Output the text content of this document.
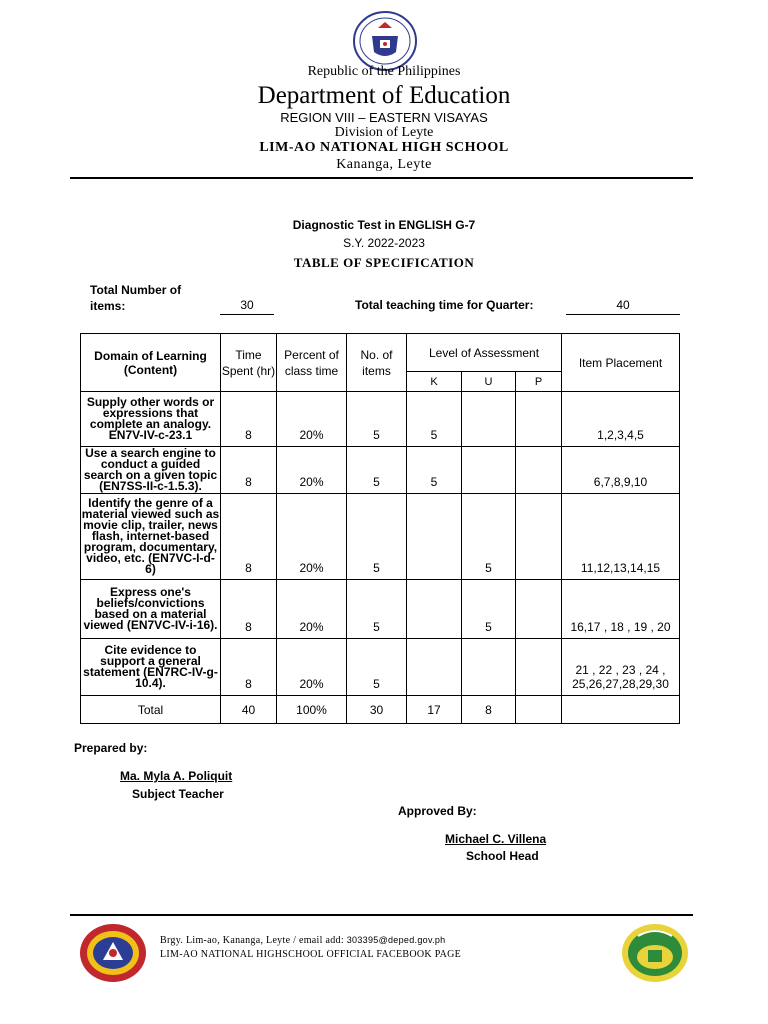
Republic of the Philippines
Department of Education
REGION VIII – EASTERN VISAYAS
Division of Leyte
LIM-AO NATIONAL HIGH SCHOOL
Kananga, Leyte
Diagnostic Test in ENGLISH G-7
S.Y. 2022-2023
TABLE OF SPECIFICATION
Total Number of
items:	30	Total teaching time for Quarter:	40
Domain of Learning (Content)	Time Spent (hr)	Percent of class time	No. of items	Level of Assessment			Item Placement
				K	U	P	
Supply other words or expressions that complete an analogy. EN7V-IV-c-23.1	8	20%	5	5			1,2,3,4,5
Use a search engine to conduct a guided search on a given topic (EN7SS-II-c-1.5.3).	8	20%	5	5			6,7,8,9,10
Identify the genre of a material viewed such as movie clip, trailer, news flash, internet-based program, documentary, video, etc. (EN7VC-I-d-6)	8	20%	5		5		11,12,13,14,15
Express one's beliefs/convictions based on a material viewed (EN7VC-IV-i-16).	8	20%	5		5		16,17 , 18 , 19 , 20
Cite evidence to support a general statement (EN7RC-IV-g-10.4).	8	20%	5				21 , 22 , 23 , 24 , 25,26,27,28,29,30
Total	40	100%	30	17	8		
Prepared by:
Ma. Myla A. Poliquit
Subject Teacher
Approved By:
Michael C. Villena
School Head
Brgy. Lim-ao, Kananga, Leyte / email add: 303395@deped.gov.ph
LIM-AO NATIONAL HIGHSCHOOL OFFICIAL FACEBOOK PAGE
